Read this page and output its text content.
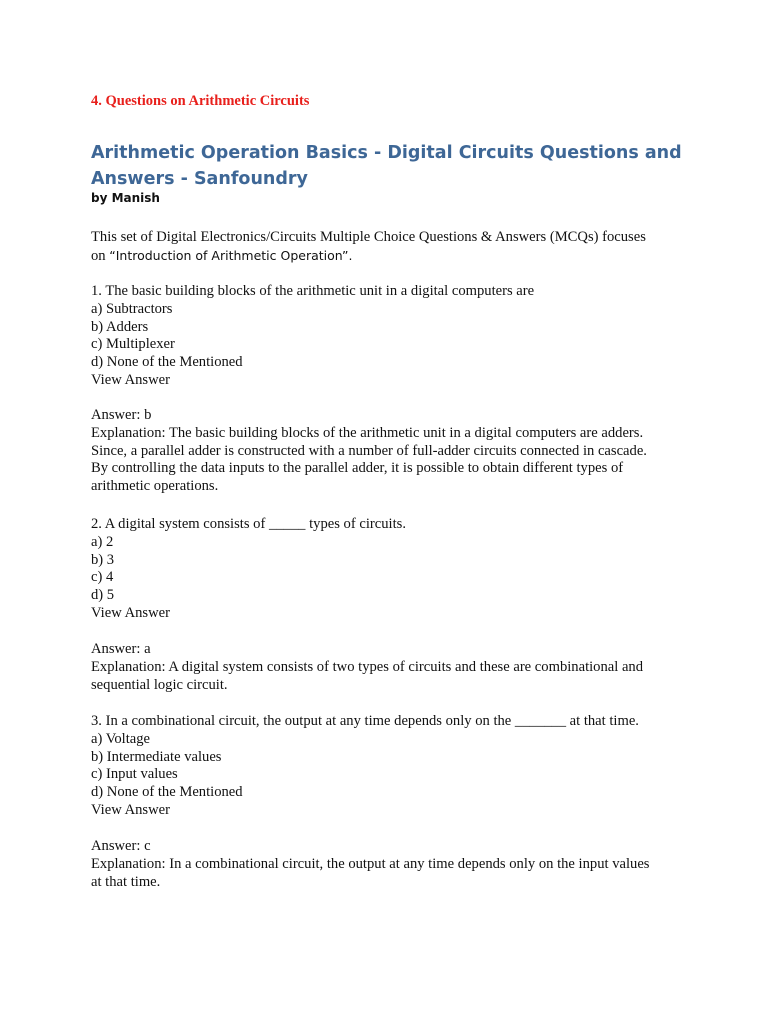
4. Questions on Arithmetic Circuits
Arithmetic Operation Basics - Digital Circuits Questions and Answers - Sanfoundry
by Manish

This set of Digital Electronics/Circuits Multiple Choice Questions & Answers (MCQs) focuses
on “Introduction of Arithmetic Operation”.

1. The basic building blocks of the arithmetic unit in a digital computers are
a) Subtractors
b) Adders
c) Multiplexer
d) None of the Mentioned
View Answer
Answer: b
Explanation: The basic building blocks of the arithmetic unit in a digital computers are adders.
Since, a parallel adder is constructed with a number of full-adder circuits connected in cascade.
By controlling the data inputs to the parallel adder, it is possible to obtain different types of
arithmetic operations.
2. A digital system consists of _____ types of circuits.
a) 2
b) 3
c) 4
d) 5
View Answer
Answer: a
Explanation: A digital system consists of two types of circuits and these are combinational and
sequential logic circuit.
3. In a combinational circuit, the output at any time depends only on the _______ at that time.
a) Voltage
b) Intermediate values
c) Input values
d) None of the Mentioned
View Answer
Answer: c
Explanation: In a combinational circuit, the output at any time depends only on the input values
at that time.
